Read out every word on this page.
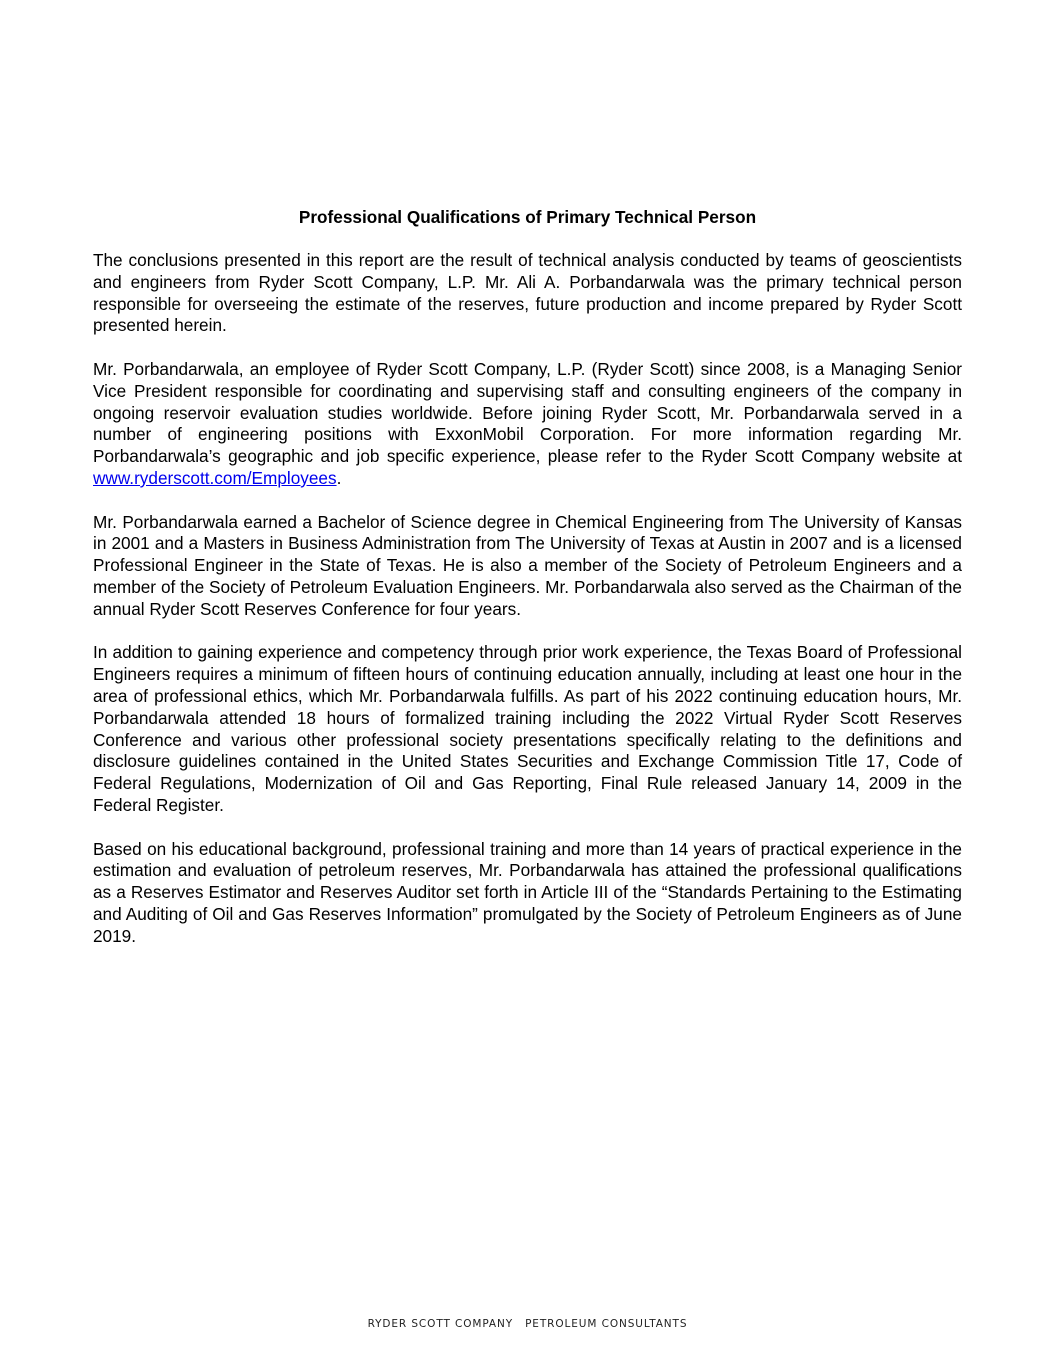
Professional Qualifications of Primary Technical Person

The conclusions presented in this report are the result of technical analysis conducted by teams of geoscientists and engineers from Ryder Scott Company, L.P. Mr. Ali A. Porbandarwala was the primary technical person responsible for overseeing the estimate of the reserves, future production and income prepared by Ryder Scott presented herein.

Mr. Porbandarwala, an employee of Ryder Scott Company, L.P. (Ryder Scott) since 2008, is a Managing Senior Vice President responsible for coordinating and supervising staff and consulting engineers of the company in ongoing reservoir evaluation studies worldwide. Before joining Ryder Scott, Mr. Porbandarwala served in a number of engineering positions with ExxonMobil Corporation. For more information regarding Mr. Porbandarwala’s geographic and job specific experience, please refer to the Ryder Scott Company website at www.ryderscott.com/Employees.

Mr. Porbandarwala earned a Bachelor of Science degree in Chemical Engineering from The University of Kansas in 2001 and a Masters in Business Administration from The University of Texas at Austin in 2007 and is a licensed Professional Engineer in the State of Texas. He is also a member of the Society of Petroleum Engineers and a member of the Society of Petroleum Evaluation Engineers. Mr. Porbandarwala also served as the Chairman of the annual Ryder Scott Reserves Conference for four years.

In addition to gaining experience and competency through prior work experience, the Texas Board of Professional Engineers requires a minimum of fifteen hours of continuing education annually, including at least one hour in the area of professional ethics, which Mr. Porbandarwala fulfills. As part of his 2022 continuing education hours, Mr. Porbandarwala attended 18 hours of formalized training including the 2022 Virtual Ryder Scott Reserves Conference and various other professional society presentations specifically relating to the definitions and disclosure guidelines contained in the United States Securities and Exchange Commission Title 17, Code of Federal Regulations, Modernization of Oil and Gas Reporting, Final Rule released January 14, 2009 in the Federal Register.

Based on his educational background, professional training and more than 14 years of practical experience in the estimation and evaluation of petroleum reserves, Mr. Porbandarwala has attained the professional qualifications as a Reserves Estimator and Reserves Auditor set forth in Article III of the “Standards Pertaining to the Estimating and Auditing of Oil and Gas Reserves Information” promulgated by the Society of Petroleum Engineers as of June 2019.

RYDER SCOTT COMPANY PETROLEUM CONSULTANTS
